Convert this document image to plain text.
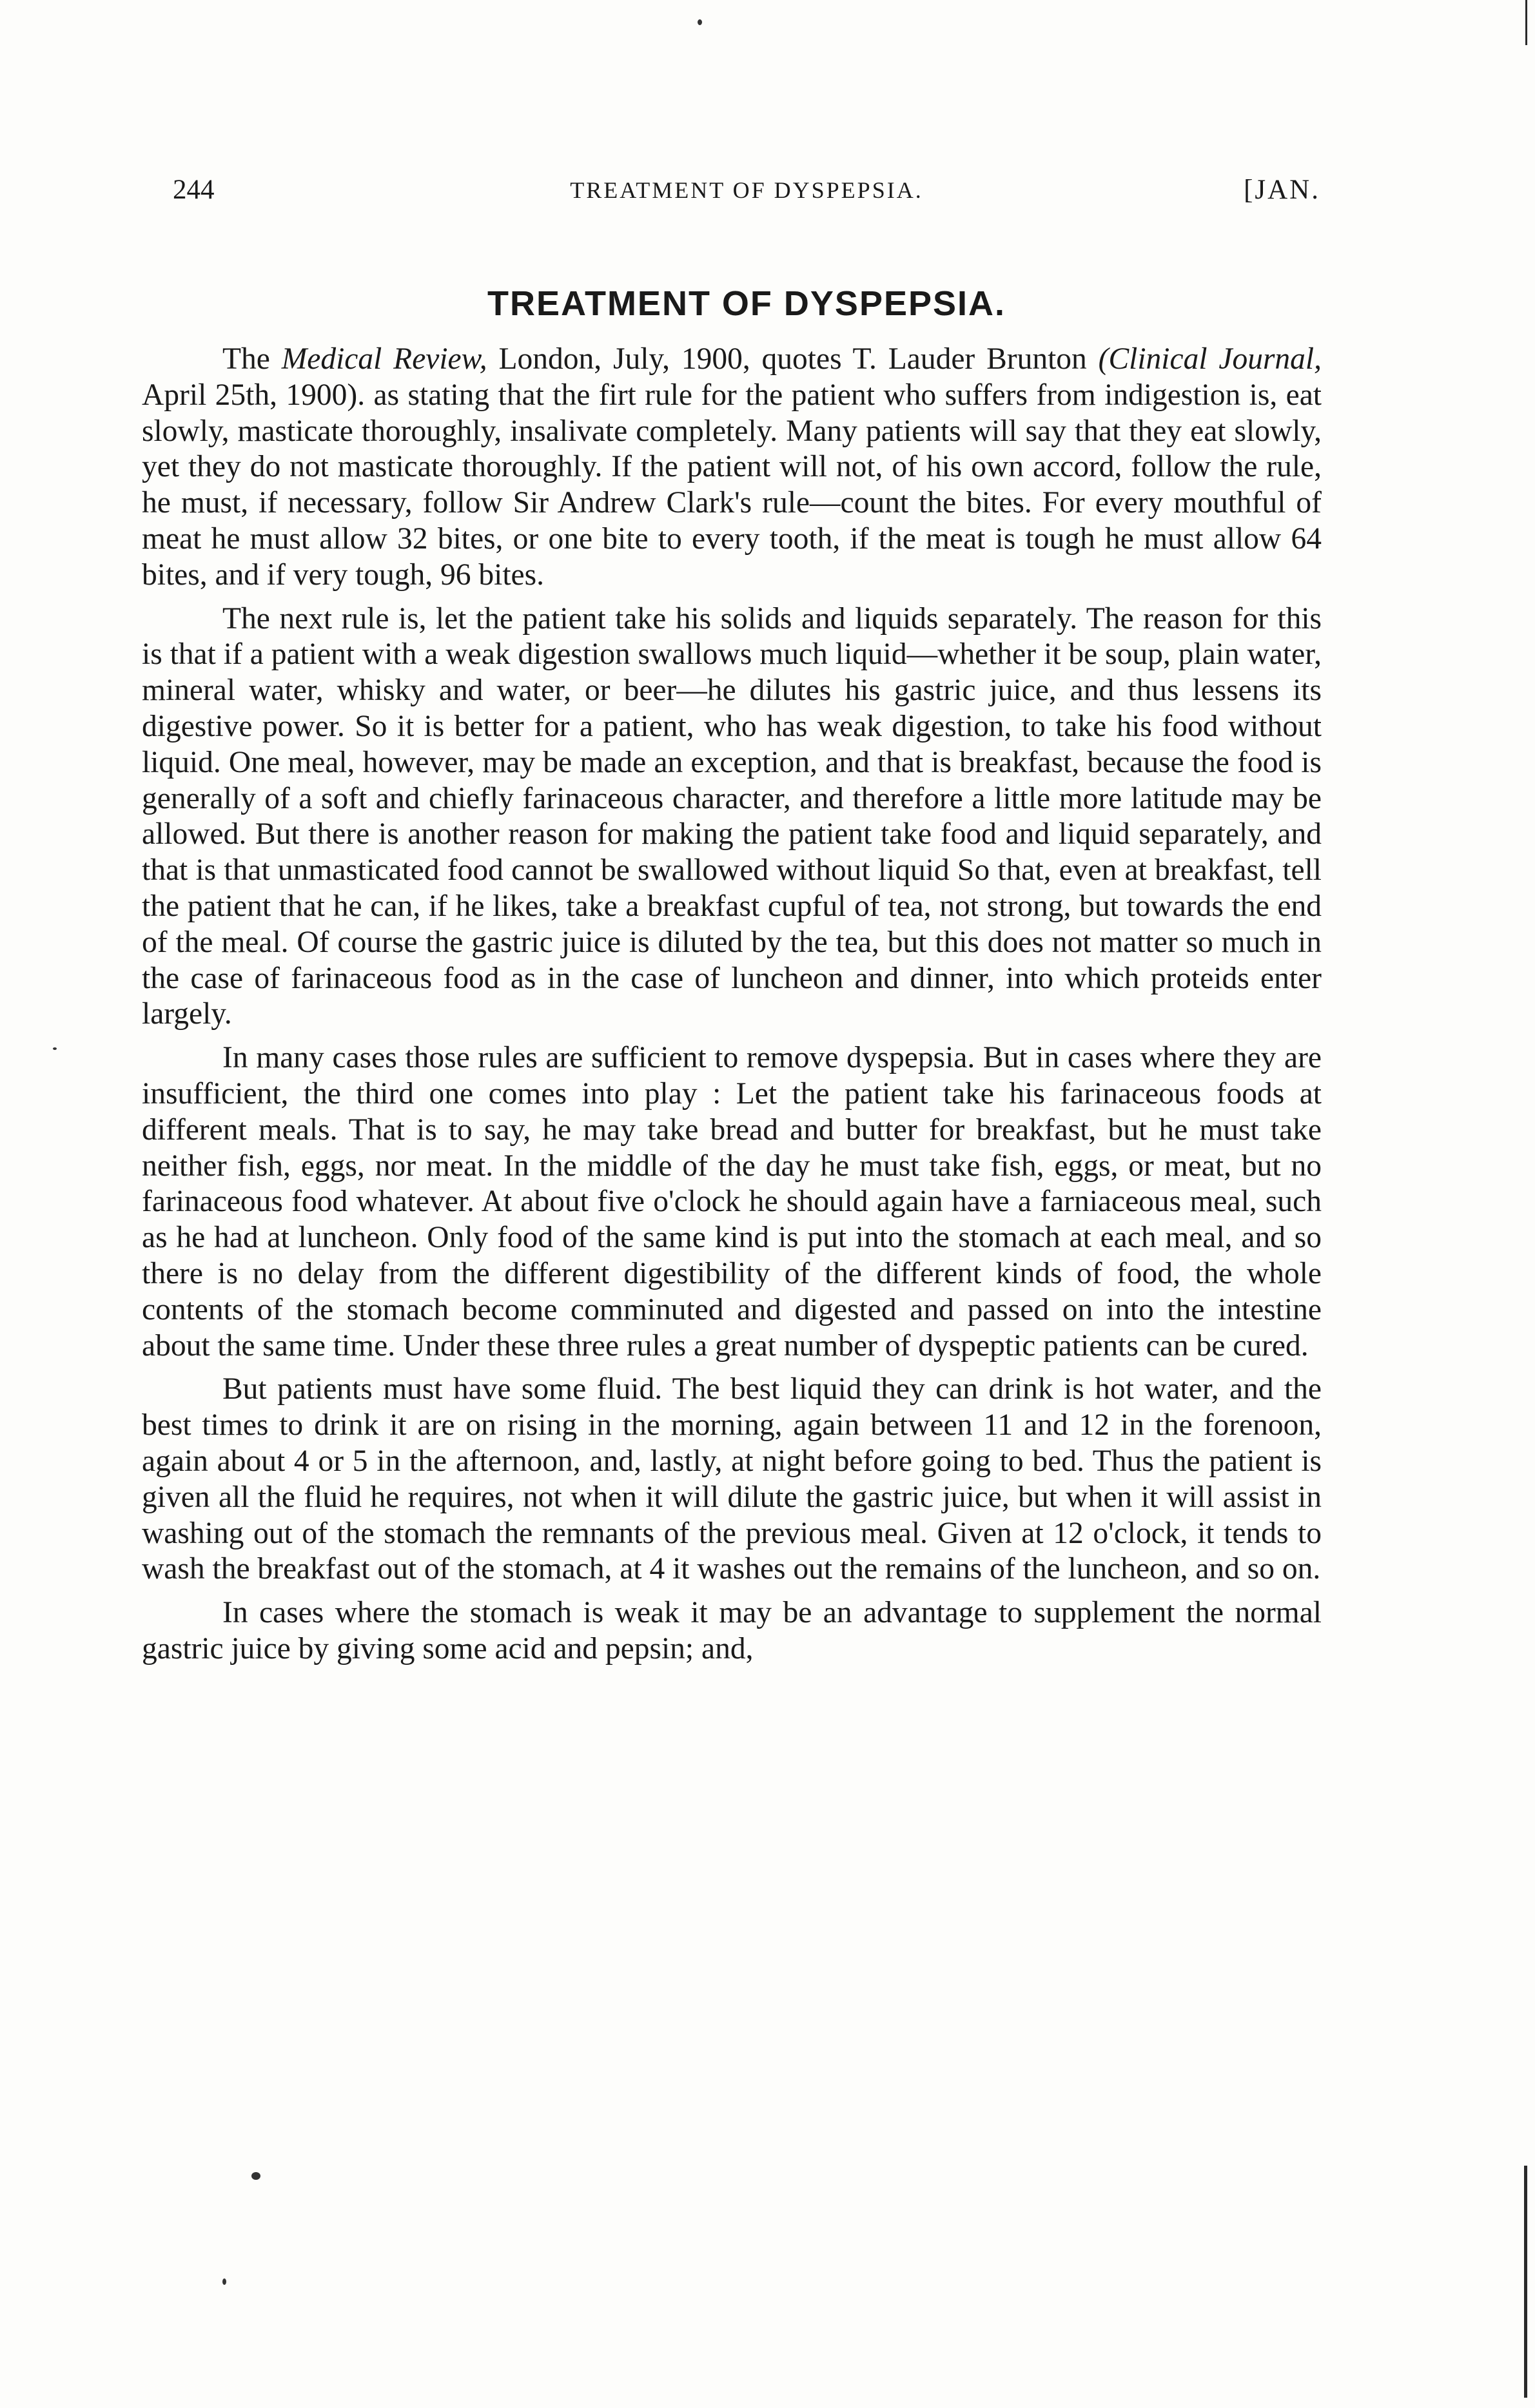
244	TREATMENT OF DYSPEPSIA.	[JAN.
TREATMENT OF DYSPEPSIA.

The Medical Review, London, July, 1900, quotes T. Lauder Brunton (Clinical Journal, April 25th, 1900). as stating that the firt rule for the patient who suffers from indigestion is, eat slowly, masticate thoroughly, insalivate completely. Many patients will say that they eat slowly, yet they do not masticate thoroughly. If the patient will not, of his own accord, follow the rule, he must, if necessary, follow Sir Andrew Clark's rule—count the bites. For every mouthful of meat he must allow 32 bites, or one bite to every tooth, if the meat is tough he must allow 64 bites, and if very tough, 96 bites.

The next rule is, let the patient take his solids and liquids separately. The reason for this is that if a patient with a weak digestion swallows much liquid—whether it be soup, plain water, mineral water, whisky and water, or beer—he dilutes his gastric juice, and thus lessens its digestive power. So it is better for a patient, who has weak digestion, to take his food without liquid. One meal, however, may be made an exception, and that is breakfast, because the food is generally of a soft and chiefly farinaceous character, and therefore a little more latitude may be allowed. But there is another reason for making the patient take food and liquid separately, and that is that unmasticated food cannot be swallowed without liquid So that, even at breakfast, tell the patient that he can, if he likes, take a breakfast cupful of tea, not strong, but towards the end of the meal. Of course the gastric juice is diluted by the tea, but this does not matter so much in the case of farinaceous food as in the case of luncheon and dinner, into which proteids enter largely.

In many cases those rules are sufficient to remove dyspepsia. But in cases where they are insufficient, the third one comes into play : Let the patient take his farinaceous foods at different meals. That is to say, he may take bread and butter for breakfast, but he must take neither fish, eggs, nor meat. In the middle of the day he must take fish, eggs, or meat, but no farinaceous food whatever. At about five o'clock he should again have a farniaceous meal, such as he had at luncheon. Only food of the same kind is put into the stomach at each meal, and so there is no delay from the different digestibility of the different kinds of food, the whole contents of the stomach become comminuted and digested and passed on into the intestine about the same time. Under these three rules a great number of dyspeptic patients can be cured.

But patients must have some fluid. The best liquid they can drink is hot water, and the best times to drink it are on rising in the morning, again between 11 and 12 in the forenoon, again about 4 or 5 in the afternoon, and, lastly, at night before going to bed. Thus the patient is given all the fluid he requires, not when it will dilute the gastric juice, but when it will assist in washing out of the stomach the remnants of the previous meal. Given at 12 o'clock, it tends to wash the breakfast out of the stomach, at 4 it washes out the remains of the luncheon, and so on.

In cases where the stomach is weak it may be an advantage to supplement the normal gastric juice by giving some acid and pepsin; and,
